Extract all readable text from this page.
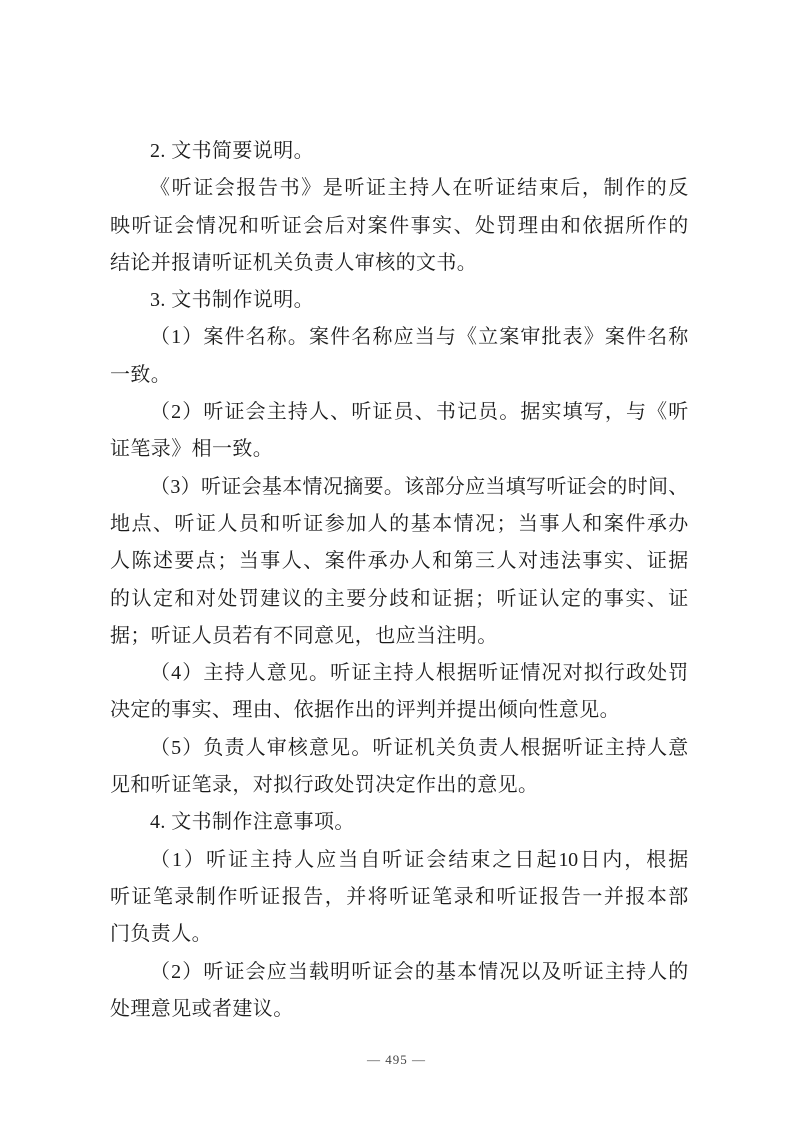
2. 文书简要说明。
《听证会报告书》是听证主持人在听证结束后，制作的反
映听证会情况和听证会后对案件事实、处罚理由和依据所作的
结论并报请听证机关负责人审核的文书。
3. 文书制作说明。
（1）案件名称。案件名称应当与《立案审批表》案件名称
一致。
（2）听证会主持人、听证员、书记员。据实填写，与《听
证笔录》相一致。
（3）听证会基本情况摘要。该部分应当填写听证会的时间、
地点、听证人员和听证参加人的基本情况；当事人和案件承办
人陈述要点；当事人、案件承办人和第三人对违法事实、证据
的认定和对处罚建议的主要分歧和证据；听证认定的事实、证
据；听证人员若有不同意见，也应当注明。
（4）主持人意见。听证主持人根据听证情况对拟行政处罚
决定的事实、理由、依据作出的评判并提出倾向性意见。
（5）负责人审核意见。听证机关负责人根据听证主持人意
见和听证笔录，对拟行政处罚决定作出的意见。
4. 文书制作注意事项。
（1）听证主持人应当自听证会结束之日起10日内，根据
听证笔录制作听证报告，并将听证笔录和听证报告一并报本部
门负责人。
（2）听证会应当载明听证会的基本情况以及听证主持人的
处理意见或者建议。
— 495 —
